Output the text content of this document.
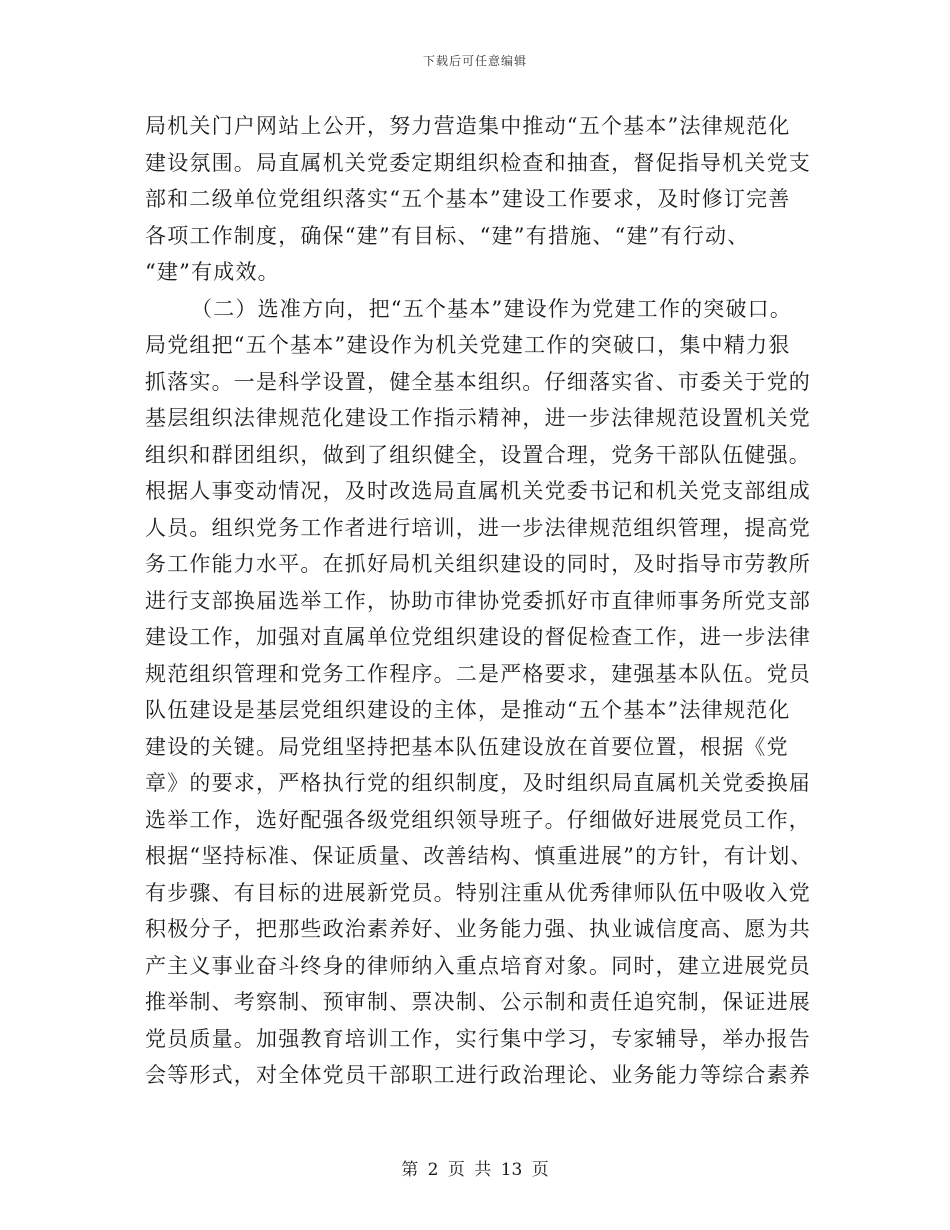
下载后可任意编辑
局机关门户网站上公开，努力营造集中推动“五个基本”法律规范化
建设氛围。局直属机关党委定期组织检查和抽查，督促指导机关党支
部和二级单位党组织落实“五个基本”建设工作要求，及时修订完善
各项工作制度，确保“建”有目标、“建”有措施、“建”有行动、
“建”有成效。
（二）选准方向，把“五个基本”建设作为党建工作的突破口。
局党组把“五个基本”建设作为机关党建工作的突破口，集中精力狠
抓落实。一是科学设置，健全基本组织。仔细落实省、市委关于党的
基层组织法律规范化建设工作指示精神，进一步法律规范设置机关党
组织和群团组织，做到了组织健全，设置合理，党务干部队伍健强。
根据人事变动情况，及时改选局直属机关党委书记和机关党支部组成
人员。组织党务工作者进行培训，进一步法律规范组织管理，提高党
务工作能力水平。在抓好局机关组织建设的同时，及时指导市劳教所
进行支部换届选举工作，协助市律协党委抓好市直律师事务所党支部
建设工作，加强对直属单位党组织建设的督促检查工作，进一步法律
规范组织管理和党务工作程序。二是严格要求，建强基本队伍。党员
队伍建设是基层党组织建设的主体，是推动“五个基本”法律规范化
建设的关键。局党组坚持把基本队伍建设放在首要位置，根据《党
章》的要求，严格执行党的组织制度，及时组织局直属机关党委换届
选举工作，选好配强各级党组织领导班子。仔细做好进展党员工作，
根据“坚持标准、保证质量、改善结构、慎重进展”的方针，有计划、
有步骤、有目标的进展新党员。特别注重从优秀律师队伍中吸收入党
积极分子，把那些政治素养好、业务能力强、执业诚信度高、愿为共
产主义事业奋斗终身的律师纳入重点培育对象。同时，建立进展党员
推举制、考察制、预审制、票决制、公示制和责任追究制，保证进展
党员质量。加强教育培训工作，实行集中学习，专家辅导，举办报告
会等形式，对全体党员干部职工进行政治理论、业务能力等综合素养
第 2 页 共 13 页
